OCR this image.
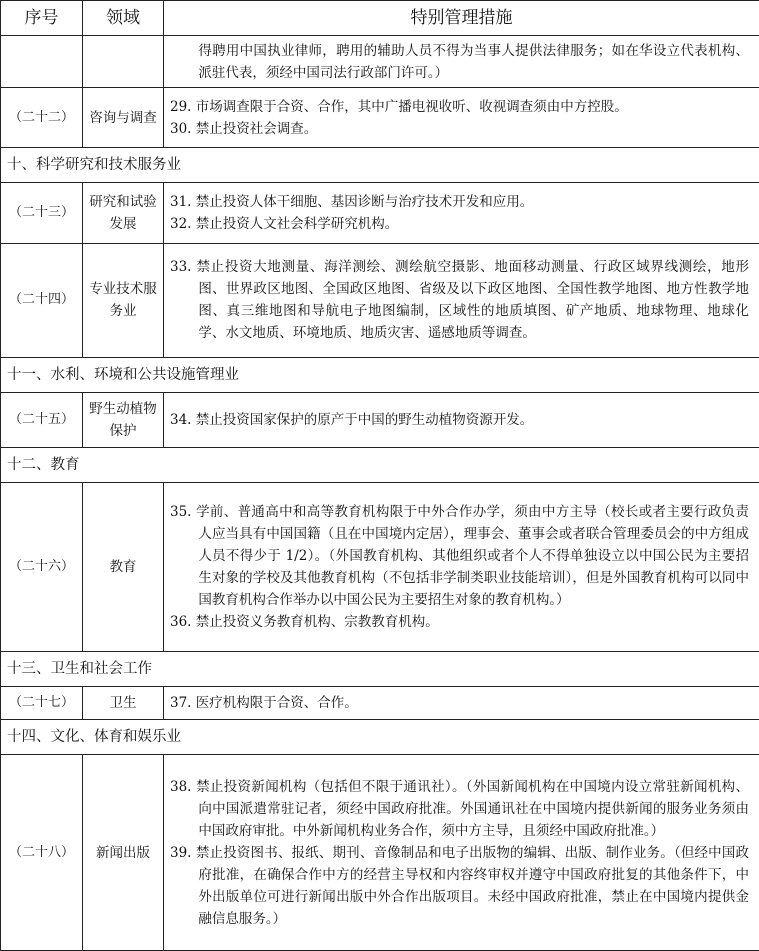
序号	领域	特别管理措施

		得聘用中国执业律师，聘用的辅助人员不得为当事人提供法律服务；如在华设立代表机构、派驻代表，须经中国司法行政部门许可。）

（二十二）	咨询与调查	29. 市场调查限于合资、合作，其中广播电视收听、收视调查须由中方控股。
30. 禁止投资社会调查。

十、科学研究和技术服务业		
（二十三）	研究和试验发展	31. 禁止投资人体干细胞、基因诊断与治疗技术开发和应用。
32. 禁止投资人文社会科学研究机构。

（二十四）	专业技术服务业	33. 禁止投资大地测量、海洋测绘、测绘航空摄影、地面移动测量、行政区域界线测绘，地形图、世界政区地图、全国政区地图、省级及以下政区地图、全国性教学地图、地方性教学地图、真三维地图和导航电子地图编制，区域性的地质填图、矿产地质、地球物理、地球化学、水文地质、环境地质、地质灾害、遥感地质等调查。

十一、水利、环境和公共设施管理业		
（二十五）	野生动植物保护	34. 禁止投资国家保护的原产于中国的野生动植物资源开发。

十二、教育		
（二十六）	教育	35. 学前、普通高中和高等教育机构限于中外合作办学，须由中方主导（校长或者主要行政负责人应当具有中国国籍（且在中国境内定居），理事会、董事会或者联合管理委员会的中方组成人员不得少于 1/2）。（外国教育机构、其他组织或者个人不得单独设立以中国公民为主要招生对象的学校及其他教育机构（不包括非学制类职业技能培训），但是外国教育机构可以同中国教育机构合作举办以中国公民为主要招生对象的教育机构。）
36. 禁止投资义务教育机构、宗教教育机构。

十三、卫生和社会工作		
（二十七）	卫生	37. 医疗机构限于合资、合作。

十四、文化、体育和娱乐业		
（二十八）	新闻出版	38. 禁止投资新闻机构（包括但不限于通讯社）。（外国新闻机构在中国境内设立常驻新闻机构、向中国派遣常驻记者，须经中国政府批准。外国通讯社在中国境内提供新闻的服务业务须由中国政府审批。中外新闻机构业务合作，须中方主导，且须经中国政府批准。）
39. 禁止投资图书、报纸、期刊、音像制品和电子出版物的编辑、出版、制作业务。（但经中国政府批准，在确保合作中方的经营主导权和内容终审权并遵守中国政府批复的其他条件下，中外出版单位可进行新闻出版中外合作出版项目。未经中国政府批准，禁止在中国境内提供金融信息服务。）
